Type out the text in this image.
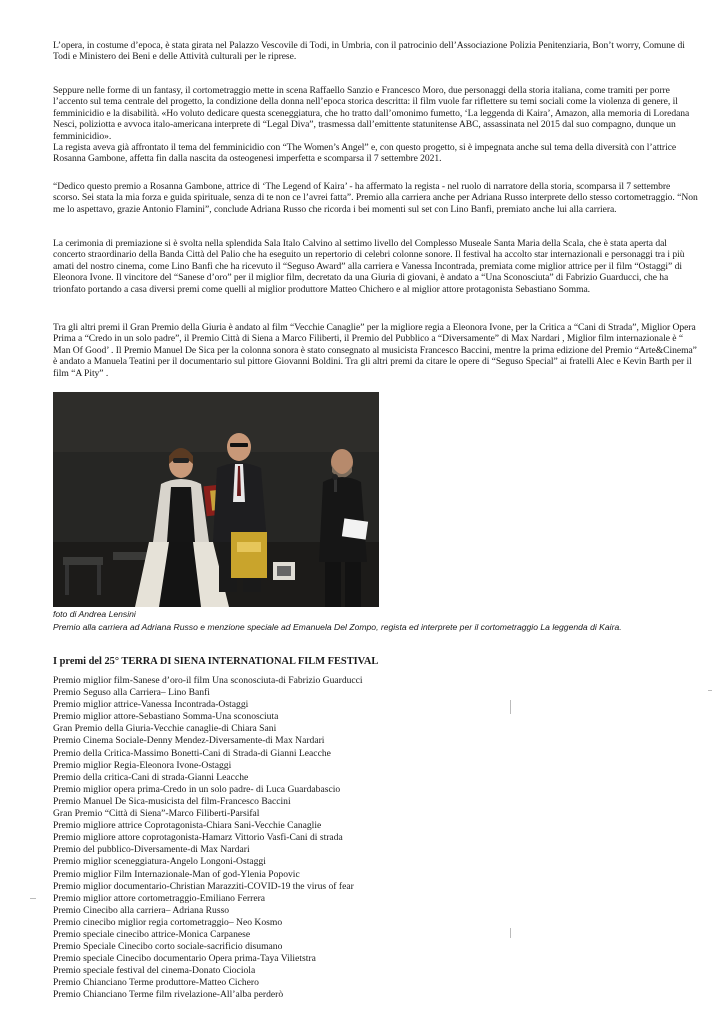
L’opera, in costume d’epoca, è stata girata nel Palazzo Vescovile di Todi, in Umbria, con il patrocinio dell’Associazione Polizia Penitenziaria, Bon’t worry, Comune di Todi e Ministero dei Beni e delle Attività culturali per le riprese.

Seppure nelle forme di un fantasy, il cortometraggio mette in scena Raffaello Sanzio e Francesco Moro, due personaggi della storia italiana, come tramiti per porre l’accento sul tema centrale del progetto, la condizione della donna nell’epoca storica descritta: il film vuole far riflettere su temi sociali come la violenza di genere, il femminicidio e la disabilità. «Ho voluto dedicare questa sceneggiatura, che ho tratto dall’omonimo fumetto, ‘La leggenda di Kaira’, Amazon, alla memoria di Loredana Nesci, poliziotta e avvoca italo-americana interprete di “Legal Diva”, trasmessa dall’emittente statunitense ABC, assassinata nel 2015 dal suo compagno, dunque un femminicidio».

La regista aveva già affrontato il tema del femminicidio con “The Women’s Angel” e, con questo progetto, si è impegnata anche sul tema della diversità con l’attrice Rosanna Gambone, affetta fin dalla nascita da osteogenesi imperfetta e scomparsa il 7 settembre 2021.

“Dedico questo premio a Rosanna Gambone, attrice di ‘The Legend of Kaira’ - ha affermato la regista - nel ruolo di narratore della storia, scomparsa il 7 settembre scorso. Sei stata la mia forza e guida spirituale, senza di te non ce l’avrei fatta”. Premio alla carriera anche per Adriana Russo interprete dello stesso cortometraggio. “Non me lo aspettavo, grazie Antonio Flamini”, conclude Adriana Russo che ricorda i bei momenti sul set con Lino Banfi, premiato anche lui alla carriera.

La cerimonia di premiazione si è svolta nella splendida Sala Italo Calvino al settimo livello del Complesso Museale Santa Maria della Scala, che è stata aperta dal concerto straordinario della Banda Città del Palio che ha eseguito un repertorio di celebri colonne sonore. Il festival ha accolto star internazionali e personaggi tra i più amati del nostro cinema, come Lino Banfi che ha ricevuto il “Seguso Award” alla carriera e Vanessa Incontrada, premiata come miglior attrice per il film “Ostaggi” di Eleonora Ivone. Il vincitore del “Sanese d’oro” per il miglior film, decretato da una Giuria di giovani, è andato a “Una Sconosciuta” di Fabrizio Guarducci, che ha trionfato portando a casa diversi premi come quelli al miglior produttore Matteo Chichero e al miglior attore protagonista Sebastiano Somma.

Tra gli altri premi il Gran Premio della Giuria è andato al film “Vecchie Canaglie” per la migliore regia a Eleonora Ivone, per la Critica a “Cani di Strada”, Miglior Opera Prima a “Credo in un solo padre”, il Premio Città di Siena a Marco Filiberti, il Premio del Pubblico a “Diversamente” di Max Nardari , Miglior film internazionale è “ Man Of Good’ . Il Premio Manuel De Sica per la colonna sonora è stato consegnato al musicista Francesco Baccini, mentre la prima edizione del Premio “Arte&Cinema” è andato a Manuela Teatini per il documentario sul pittore Giovanni Boldini. Tra gli altri premi da citare le opere di “Seguso Special” ai fratelli Alec e Kevin Barth per il film “A Pity” .

foto di Andrea Lensini

Premio alla carriera ad Adriana Russo e menzione speciale ad Emanuela Del Zompo, regista ed interprete per il cortometraggio La leggenda di Kaira.

I premi del 25° TERRA DI SIENA INTERNATIONAL FILM FESTIVAL
Premio miglior film-Sanese d’oro-il film Una sconosciuta-di Fabrizio Guarducci
Premio Seguso alla Carriera– Lino Banfi
Premio miglior attrice-Vanessa Incontrada-Ostaggi
Premio miglior attore-Sebastiano Somma-Una sconosciuta
Gran Premio della Giuria-Vecchie canaglie-di Chiara Sani
Premio Cinema Sociale-Denny Mendez-Diversamente-di Max Nardari
Premio della Critica-Massimo Bonetti-Cani di Strada-di Gianni Leacche
Premio miglior Regia-Eleonora Ivone-Ostaggi
Premio della critica-Cani di strada-Gianni Leacche
Premio miglior opera prima-Credo in un solo padre- di Luca Guardabascio
Premio Manuel De Sica-musicista del film-Francesco Baccini
Gran Premio “Città di Siena”-Marco Filiberti-Parsifal
Premio migliore attrice Coprotagonista-Chiara Sani-Vecchie Canaglie
Premio migliore attore coprotagonista-Hamarz Vittorio Vasfi-Cani di strada
Premio del pubblico-Diversamente-di Max Nardari
Premio miglior sceneggiatura-Angelo Longoni-Ostaggi
Premio miglior Film Internazionale-Man of god-Ylenia Popovic
Premio miglior documentario-Christian Marazziti-COVID-19 the virus of fear
Premio miglior attore cortometraggio-Emiliano Ferrera
Premio Cinecibo alla carriera– Adriana Russo
Premio cinecibo miglior regia cortometraggio– Neo Kosmo
Premio speciale cinecibo attrice-Monica Carpanese
Premio Speciale Cinecibo corto sociale-sacrificio disumano
Premio speciale Cinecibo documentario Opera prima-Taya Vilietstra
Premio speciale festival del cinema-Donato Ciociola
Premio Chianciano Terme produttore-Matteo Cichero
Premio Chianciano Terme film rivelazione-All’alba perderò
